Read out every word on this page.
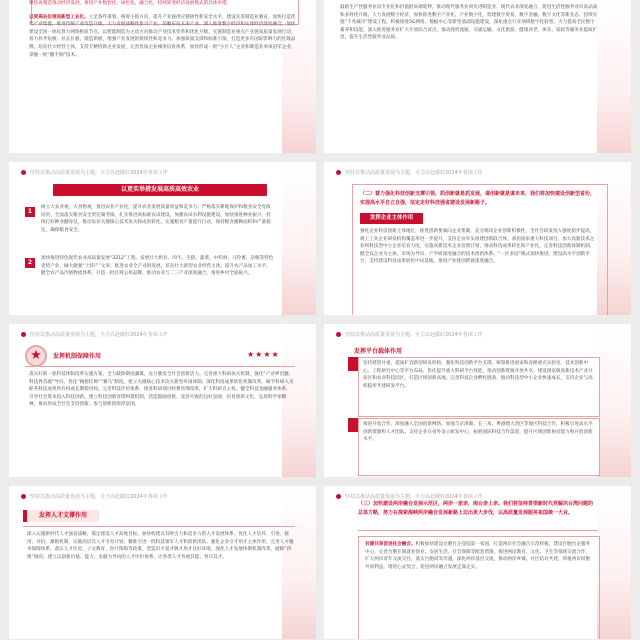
聚焦再制造推动经济发展，推进产业数智化、绿色化、融合化，持续转变经济发展模式的具体举措。
以更高站位推进新型工业化。立足条件谋划、统筹主抓方向，提升产业链供应链韧性和安全水平，建设先进制造业强省。加快打造优势产业集群，推进传统产业改造升级，大力发展战略性新兴产业，前瞻布局未来产业。深入推进数字经济和实体经济深度融合，加快建设全国一体化算力网络枢纽节点，以智能制造为主攻方向推动产业技术变革和优化升级。实施制造业重点产业链高质量发展行动，着力补齐短板、拉长长板、锻造新板，增强产业发展的接续性和竞争力。加强质量支撑和标准引领，打造更多有国际影响力的区域品牌。培育壮大经营主体，支持专精特新企业发展，完善优质企业梯度培育体系，加快形成一批“小巨人”企业和制造业单项冠军企业，掌握一批“撒手锏”技术。
鼓励生产性服务业向专业化和价值链高端延伸，推动现代服务业同先进制造业、现代农业深度融合，促进生活性服务业向高品质和多样化升级。大力发展数字经济，加快推进数字产业化、产业数字化，构建数字贸易、数字金融、数字文化等新业态。持续实施“千兆城市”建设工程，积极推进5G网络、数据中心等新型基础设施建设，深化重点行业领域数字化转型，大力提高全民数字素养和技能。深入推进服务业扩大开放综合试点，推动商贸流通、交通运输、文化旅游、健康养老、体育、家政等服务业提质扩容，提升生活性服务业品质。
坚持以推动高质量发展为主题，全力以赴做好2024年各项工作
以更实举措发展高质高效农业
1
树立大农业观、大食物观，推进农业产业化，提升农业发展质量效益和竞争力。严格落实耕地保护和粮食安全党政同责，全面落实粮食安全责任制考核。扎实推进高标准农田建设，加强农田水利设施建设，加快推进种业振兴，持续打好种业翻身仗，推动农业关键核心技术攻关和成果转化，实施粮食产量提升行动，保持粮食播种面积和产量稳定，确保粮食安全。
2
加快推进特色现代农业高质量发展“3212”工程，发展壮大奶业、肉牛、生猪、蔬菜、中药材、马铃薯、杂粮等特色优势产业，做大做强“土特产”文章，推进农业全产业链发展。培育壮大新型农业经营主体，提升农产品加工水平，健全农产品冷链物流体系，打造一批区域公用品牌，推动农业与二三产业深度融合，推进乡村全面振兴。
坚持以推动高质量发展为主题，全力以赴做好2024年各项工作
（二）着力强化科技创新支撑引领，抓创新就是抓发展，谋创新就是谋未来，我们将加快建设创新型省份，实现高水平自立自强，坚定走好科技强省建设发展新路子。
发挥企业主体作用
强化企业科技创新主体地位，推进创新要素向企业集聚。充分调动企业创新积极性，全社会研发投入强度稳步提高，规上工业企业研发机构覆盖率进一步提升，支持企业牵头组建创新联合体，承担国家重大科技项目。加大高新技术企业和科技型中小企业培育力度，实施高新技术企业倍增计划，推动科技成果转化和产业化。完善科技创新体制机制，健全以企业为主体、市场为导向、产学研深度融合的技术创新体系。“一区多园”模式加快推进，建设高水平创新平台，支持建设科技成果转化中试基地，推进产业链创新链深度融合。
坚持以推动高质量发展为主题，全力以赴做好2024年各项工作
★	发挥机制保障作用	★★★★
落实好新一轮科技体制改革实施方案，全力破除制度藩篱，充分激发全社会创新活力。完善重大科研攻关机制，强化“产业界出题、科技界答题”导向，优化“揭榜挂帅”“赛马”制度，建立关键核心技术攻关新型举国体制。深化科技成果转化机制改革，赋予科研人员职务科技成果所有权或长期使用权。完善科技评价体系，推进科研项目经费管理改革，扩大科研自主权。健全科技金融服务体系，引导社会资本投入科技创新。建立科技创新容错纠错机制，营造鼓励创新、宽容失败的良好氛围，培育创新文化，弘扬科学家精神，推动形成全社会支持创新、参与创新的浓厚氛围。
坚持以推动高质量发展为主题，全力以赴做好2024年各项工作
发挥平台载体作用
坚持建管并重，提质扩容新型研发机构，强化科技创新平台支撑。统筹推进国家和省级重点实验室、技术创新中心、工程研究中心等平台布局，优化提升重大科研平台效能，推动创新资源开放共享。建设国家级高新技术产业开发区和农业科技园区，打造区域创新高地。完善科技企业孵化链条，推动科技型中小企业快速成长，支持企业与高校院所共建研发平台。
推进开放合作，深度融入全国创新网络。加强与京津冀、长三角、粤港澳大湾区等地区科技合作，积极引进高水平创新资源和人才团队。支持企业在省外设立研发中心，拓展国际科技合作渠道，提升区域创新协同能力和开放创新水平。
坚持以推动高质量发展为主题，全力以赴做好2024年各项工作
发挥人才支撑作用
深入实施新时代人才强省战略，锚定建设人才高地目标，加快构建具有吸引力和竞争力的人才发展体系。优化人才培养、引进、使用、评价、激励机制，实施高层次人才引育计划，精准引进一批科技领军人才和创新团队。强化企业引才用才主体作用，完善人才服务保障体系，落实人才住房、子女教育、医疗保障等政策，营造识才爱才敬才用才良好环境。深化人才发展体制机制改革，破除“四唯”倾向，建立以创新价值、能力、贡献为导向的人才评价体系，让各类人才各展其能、各尽其才。
坚持以推动高质量发展为主题，全力以赴做好2024年各项工作
（三）加快建设两岸融合发展示范区，两岸一家亲，闽台亲上亲。我们将坚持贯彻新时代党解决台湾问题的总体方略，努力在探索海峡两岸融合发展新路上迈出更大步伐，以高质量发展服务祖国统一大业。
共建共享促进社会融合。积极加快建设台胞台企登陆第一家园，打造两岸社会融合示范样板。建设台胞台企服务中心，完善台胞在闽就业创业、安居生活、社会保障等配套措施，推进两岸教育、文化、卫生等领域交流合作，扩大两岸青年交流交往。落实台胞同等待遇，深化两岸基层交流，推动两岸乡镇、社区结对共建，厚植两岸同胞共同利益，增进心灵契合，促进两岸融合发展走深走实。
